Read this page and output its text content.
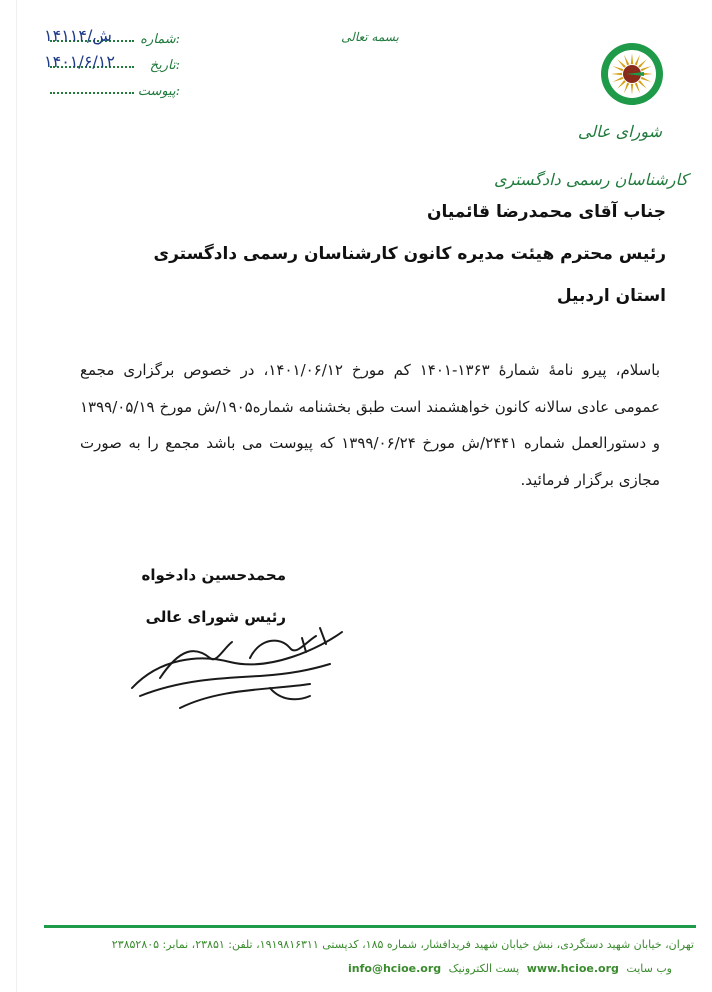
۱۴۱۱۴/ش شماره:
۱۴۰۱/۶/۱۲	تاریخ:
پیوست:
بسمه تعالی
شورای عالی
کارشناسان رسمی دادگستری
جناب آقای محمدرضا قائمیان
رئیس محترم هیئت مدیره کانون کارشناسان رسمی دادگستری
استان اردبیل
باسلام، پیرو نامهٔ شمارهٔ ۱۳۶۳-۱۴۰۱ کم مورخ ۱۴۰۱/۰۶/۱۲، در خصوص برگزاری مجمع عمومی عادی سالانه کانون خواهشمند است طبق بخشنامه شماره۱۹۰۵/ش مورخ ۱۳۹۹/۰۵/۱۹ و دستورالعمل شماره ۲۴۴۱/ش مورخ ۱۳۹۹/۰۶/۲۴ که پیوست می باشد مجمع را به صورت مجازی برگزار فرمائید.
محمدحسین دادخواه
رئیس شورای عالی
تهران، خیابان شهید دستگردی، نبش خیابان شهید فریدافشار، شماره ۱۸۵، کدپستی ۱۹۱۹۸۱۶۳۱۱، تلفن: ۲۳۸۵۱، نمابر: ۲۳۸۵۲۸۰۵
وب سایت www.hcioe.org پست الکترونیک info@hcioe.org
